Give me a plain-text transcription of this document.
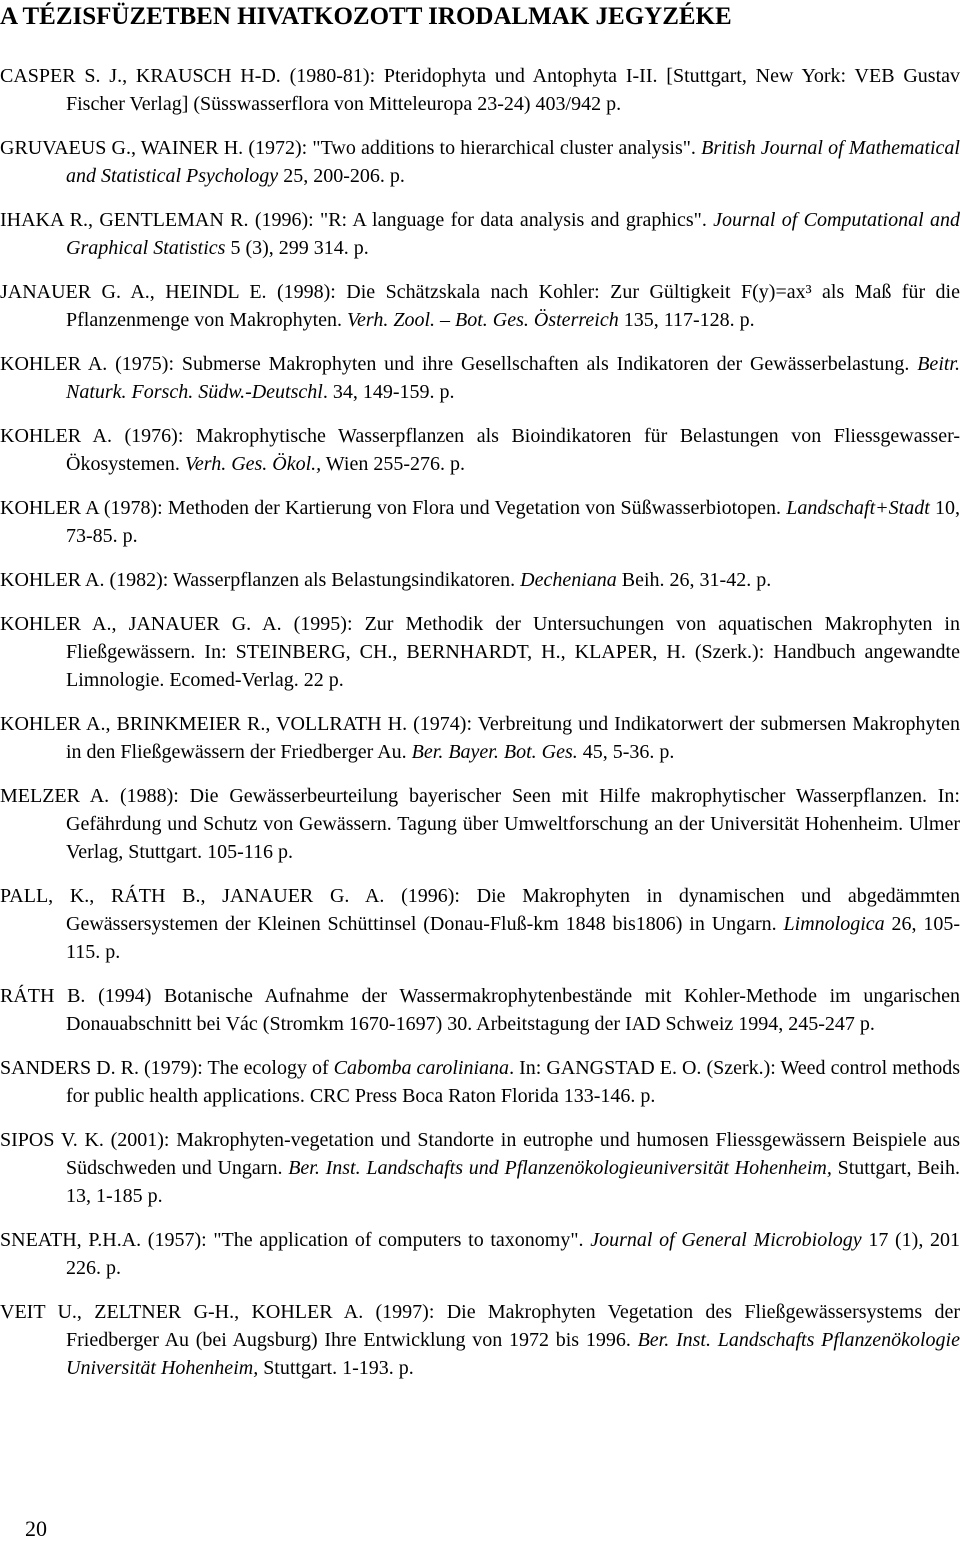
A TÉZISFÜZETBEN HIVATKOZOTT IRODALMAK JEGYZÉKE

CASPER S. J., KRAUSCH H-D. (1980-81): Pteridophyta und Antophyta I-II. [Stuttgart, New York: VEB Gustav Fischer Verlag] (Süsswasserflora von Mitteleuropa 23-24) 403/942 p.

GRUVAEUS G., WAINER H. (1972): "Two additions to hierarchical cluster analysis". British Journal of Mathematical and Statistical Psychology 25, 200-206. p.

IHAKA R., GENTLEMAN R. (1996): "R: A language for data analysis and graphics". Journal of Computational and Graphical Statistics 5 (3), 299 314. p.

JANAUER G. A., HEINDL E. (1998): Die Schätzskala nach Kohler: Zur Gültigkeit F(y)=ax³ als Maß für die Pflanzenmenge von Makrophyten. Verh. Zool. – Bot. Ges. Österreich 135, 117-128. p.

KOHLER A. (1975): Submerse Makrophyten und ihre Gesellschaften als Indikatoren der Gewässerbelastung. Beitr. Naturk. Forsch. Südw.-Deutschl. 34, 149-159. p.

KOHLER A. (1976): Makrophytische Wasserpflanzen als Bioindikatoren für Belastungen von Fliessgewasser-Ökosystemen. Verh. Ges. Ökol., Wien 255-276. p.

KOHLER A (1978): Methoden der Kartierung von Flora und Vegetation von Süßwasserbiotopen. Landschaft+Stadt 10, 73-85. p.

KOHLER A. (1982): Wasserpflanzen als Belastungsindikatoren. Decheniana Beih. 26, 31-42. p.

KOHLER A., JANAUER G. A. (1995): Zur Methodik der Untersuchungen von aquatischen Makrophyten in Fließgewässern. In: STEINBERG, CH., BERNHARDT, H., KLAPER, H. (Szerk.): Handbuch angewandte Limnologie. Ecomed-Verlag. 22 p.

KOHLER A., BRINKMEIER R., VOLLRATH H. (1974): Verbreitung und Indikatorwert der submersen Makrophyten in den Fließgewässern der Friedberger Au. Ber. Bayer. Bot. Ges. 45, 5-36. p.

MELZER A. (1988): Die Gewässerbeurteilung bayerischer Seen mit Hilfe makrophytischer Wasserpflanzen. In: Gefährdung und Schutz von Gewässern. Tagung über Umweltforschung an der Universität Hohenheim. Ulmer Verlag, Stuttgart. 105-116 p.

PALL, K., RÁTH B., JANAUER G. A. (1996): Die Makrophyten in dynamischen und abgedämmten Gewässersystemen der Kleinen Schüttinsel (Donau-Fluß-km 1848 bis1806) in Ungarn. Limnologica 26, 105-115. p.

RÁTH B. (1994) Botanische Aufnahme der Wassermakrophytenbestände mit Kohler-Methode im ungarischen Donauabschnitt bei Vác (Stromkm 1670-1697) 30. Arbeitstagung der IAD Schweiz 1994, 245-247 p.

SANDERS D. R. (1979): The ecology of Cabomba caroliniana. In: GANGSTAD E. O. (Szerk.): Weed control methods for public health applications. CRC Press Boca Raton Florida 133-146. p.

SIPOS V. K. (2001): Makrophyten-vegetation und Standorte in eutrophe und humosen Fliessgewässern Beispiele aus Südschweden und Ungarn. Ber. Inst. Landschafts und Pflanzenökologieuniversität Hohenheim, Stuttgart, Beih. 13, 1-185 p.

SNEATH, P.H.A. (1957): "The application of computers to taxonomy". Journal of General Microbiology 17 (1), 201 226. p.

VEIT U., ZELTNER G-H., KOHLER A. (1997): Die Makrophyten Vegetation des Fließgewässersystems der Friedberger Au (bei Augsburg) Ihre Entwicklung von 1972 bis 1996. Ber. Inst. Landschafts Pflanzenökologie Universität Hohenheim, Stuttgart. 1-193. p.

20
